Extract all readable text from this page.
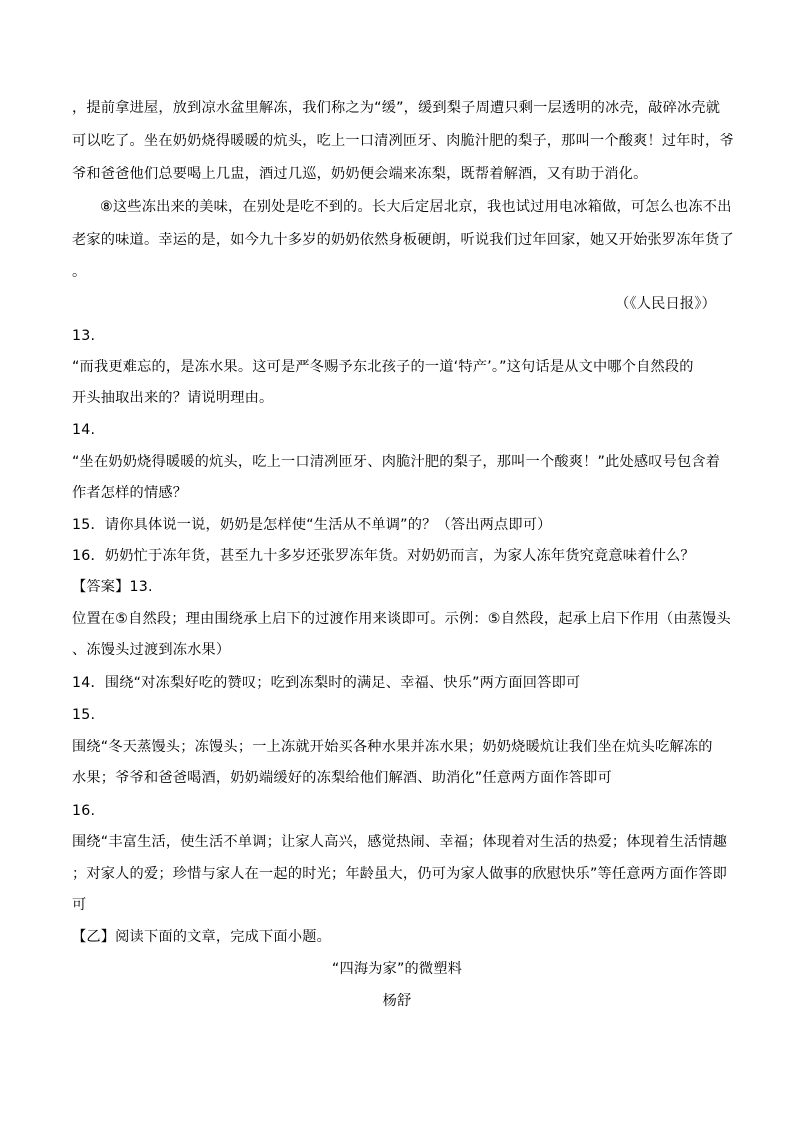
，提前拿进屋，放到凉水盆里解冻，我们称之为“缓”，缓到梨子周遭只剩一层透明的冰壳，敲碎冰壳就
可以吃了。坐在奶奶烧得暖暖的炕头，吃上一口清冽匝牙、肉脆汁肥的梨子，那叫一个酸爽！过年时，爷
爷和爸爸他们总要喝上几盅，酒过几巡，奶奶便会端来冻梨，既帮着解酒，又有助于消化。
⑧这些冻出来的美味，在别处是吃不到的。长大后定居北京，我也试过用电冰箱做，可怎么也冻不出
老家的味道。幸运的是，如今九十多岁的奶奶依然身板硬朗，听说我们过年回家，她又开始张罗冻年货了
。
（《人民日报》）
13.
“而我更难忘的，是冻水果。这可是严冬赐予东北孩子的一道‘特产’。”这句话是从文中哪个自然段的
开头抽取出来的？请说明理由。
14.
“坐在奶奶烧得暖暖的炕头，吃上一口清冽匝牙、肉脆汁肥的梨子，那叫一个酸爽！”此处感叹号包含着
作者怎样的情感？
15．请你具体说一说，奶奶是怎样使“生活从不单调”的？（答出两点即可）
16．奶奶忙于冻年货，甚至九十多岁还张罗冻年货。对奶奶而言，为家人冻年货究竟意味着什么？
【答案】13.
位置在⑤自然段；理由围绕承上启下的过渡作用来谈即可。示例：⑤自然段，起承上启下作用（由蒸馒头
、冻馒头过渡到冻水果）
14．围绕“对冻梨好吃的赞叹；吃到冻梨时的满足、幸福、快乐”两方面回答即可
15.
围绕“冬天蒸馒头；冻馒头；一上冻就开始买各种水果并冻水果；奶奶烧暖炕让我们坐在炕头吃解冻的
水果；爷爷和爸爸喝酒，奶奶端缓好的冻梨给他们解酒、助消化”任意两方面作答即可
16.
围绕“丰富生活，使生活不单调；让家人高兴，感觉热闹、幸福；体现着对生活的热爱；体现着生活情趣
；对家人的爱；珍惜与家人在一起的时光；年龄虽大，仍可为家人做事的欣慰快乐”等任意两方面作答即
可
【乙】阅读下面的文章，完成下面小题。
“四海为家”的微塑料
杨舒
